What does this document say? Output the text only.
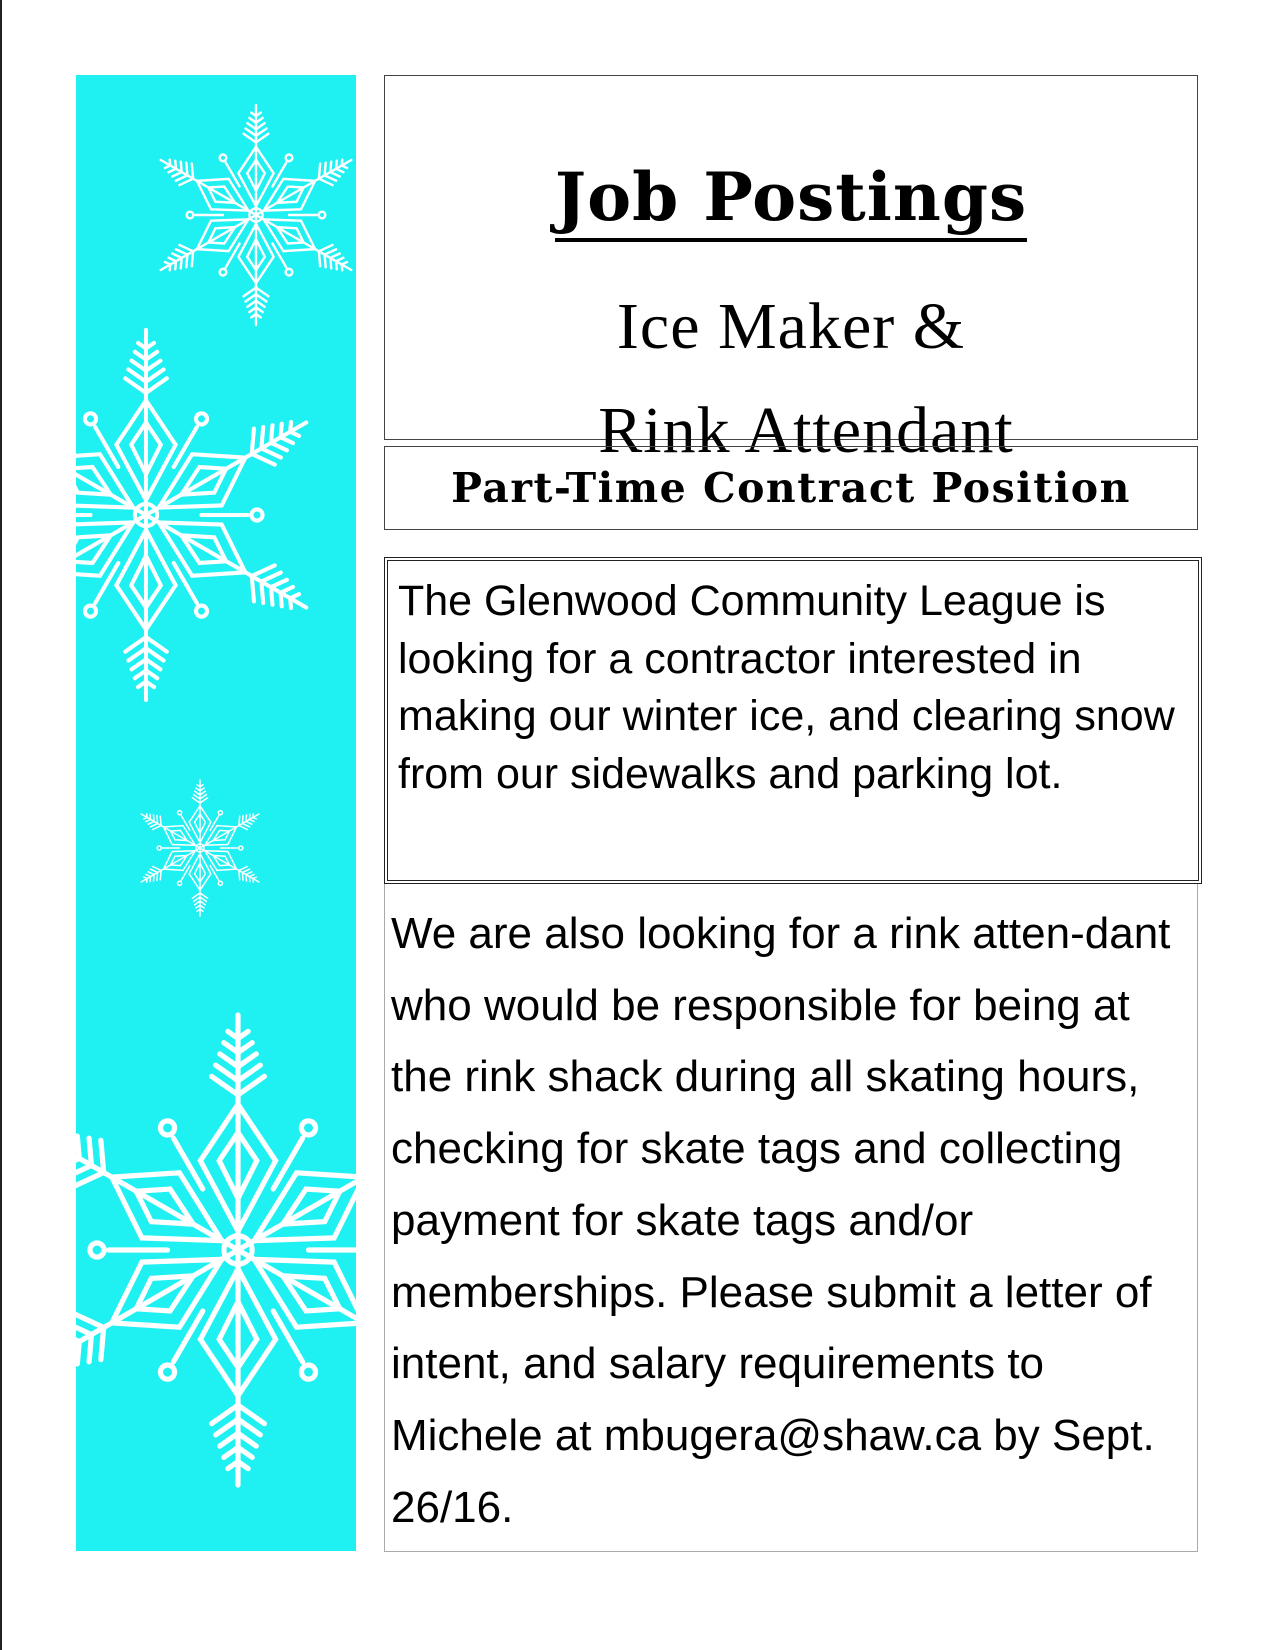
Job Postings
Ice Maker &
Rink Attendant
Part-Time Contract Position

The Glenwood Community League is looking for a contractor interested in making our winter ice, and clearing snow from our sidewalks and parking lot.

We are also looking for a rink atten-dant who would be responsible for being at the rink shack during all skating hours, checking for skate tags and collecting payment for skate tags and/or memberships. Please submit a letter of intent, and salary requirements to Michele at mbugera@shaw.ca by Sept. 26/16.
